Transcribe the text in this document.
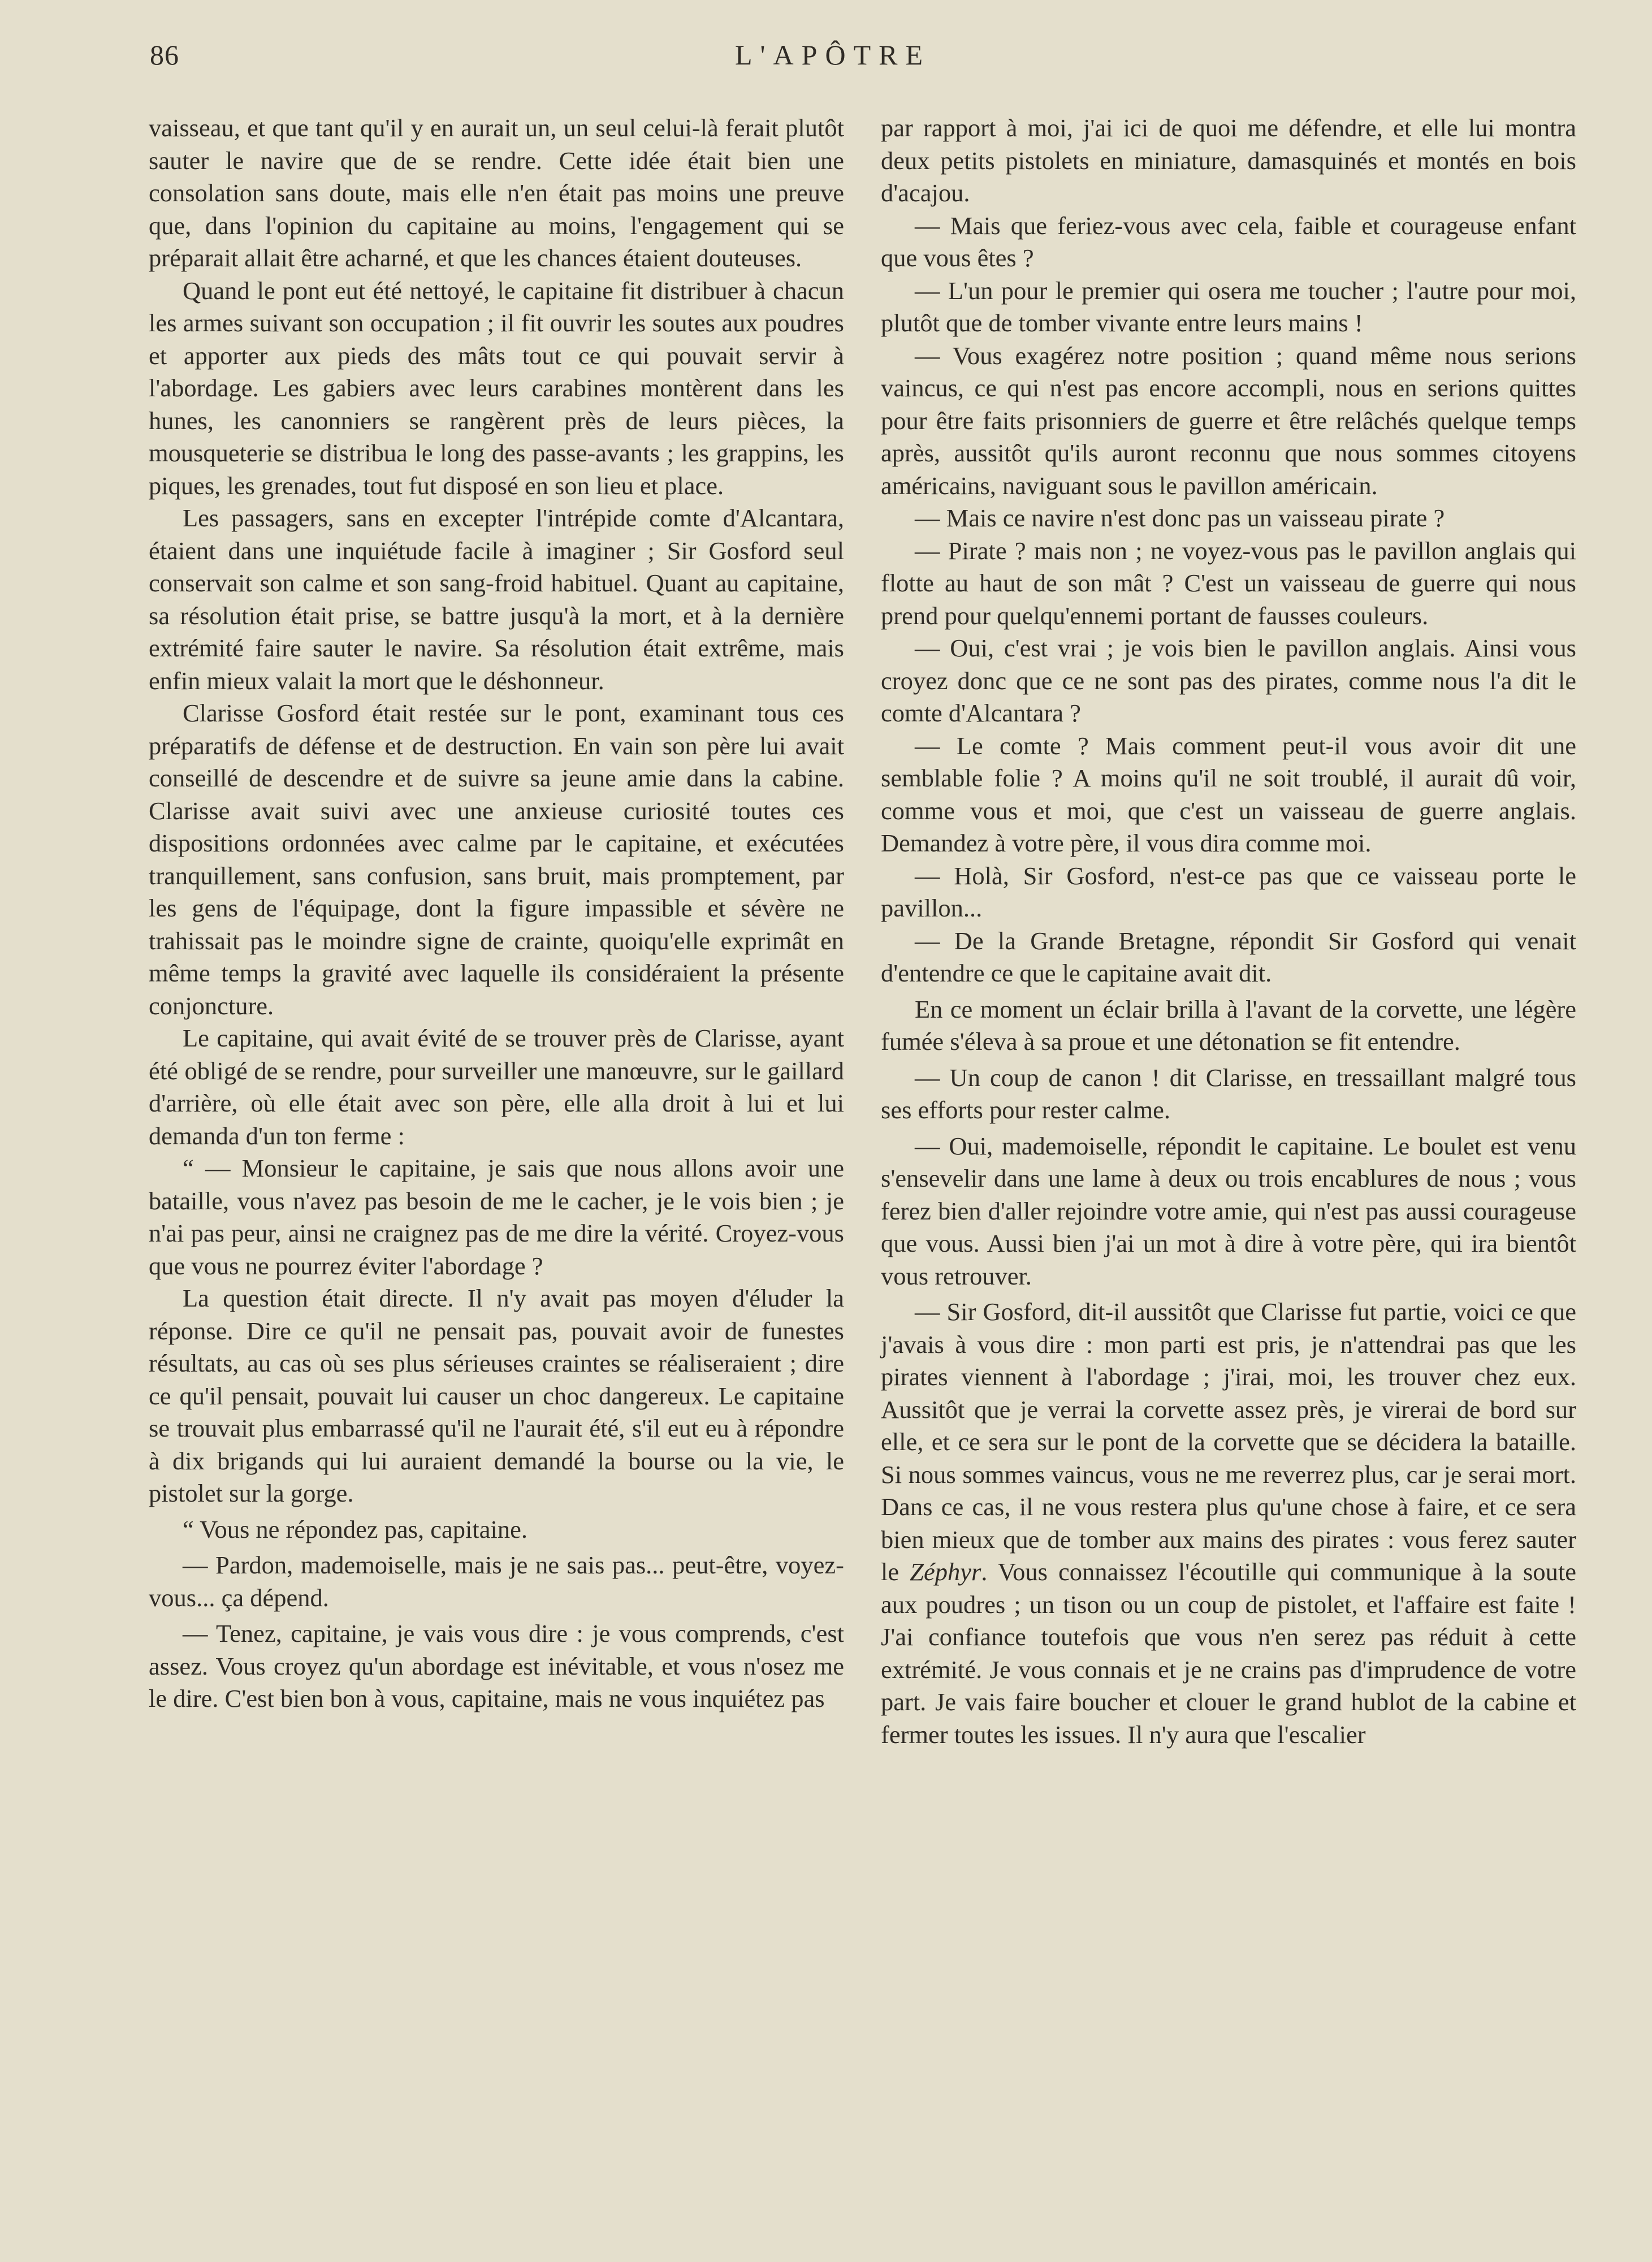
86	L'APÔTRE

vaisseau, et que tant qu'il y en aurait un, un seul celui-là ferait plutôt sauter le navire que de se rendre. Cette idée était bien une consolation sans doute, mais elle n'en était pas moins une preuve que, dans l'opinion du capitaine au moins, l'engagement qui se préparait allait être acharné, et que les chances étaient douteuses.

Quand le pont eut été nettoyé, le capitaine fit distribuer à chacun les armes suivant son occupation ; il fit ouvrir les soutes aux poudres et apporter aux pieds des mâts tout ce qui pouvait servir à l'abordage. Les gabiers avec leurs carabines montèrent dans les hunes, les canonniers se rangèrent près de leurs pièces, la mousqueterie se distribua le long des passe-avants ; les grappins, les piques, les grenades, tout fut disposé en son lieu et place.

Les passagers, sans en excepter l'intrépide comte d'Alcantara, étaient dans une inquiétude facile à imaginer ; Sir Gosford seul conservait son calme et son sang-froid habituel. Quant au capitaine, sa résolution était prise, se battre jusqu'à la mort, et à la dernière extrémité faire sauter le navire. Sa résolution était extrême, mais enfin mieux valait la mort que le déshonneur.

Clarisse Gosford était restée sur le pont, examinant tous ces préparatifs de défense et de destruction. En vain son père lui avait conseillé de descendre et de suivre sa jeune amie dans la cabine. Clarisse avait suivi avec une anxieuse curiosité toutes ces dispositions ordonnées avec calme par le capitaine, et exécutées tranquillement, sans confusion, sans bruit, mais promptement, par les gens de l'équipage, dont la figure impassible et sévère ne trahissait pas le moindre signe de crainte, quoiqu'elle exprimât en même temps la gravité avec laquelle ils considéraient la présente conjoncture.

Le capitaine, qui avait évité de se trouver près de Clarisse, ayant été obligé de se rendre, pour surveiller une manœuvre, sur le gaillard d'arrière, où elle était avec son père, elle alla droit à lui et lui demanda d'un ton ferme :

“ — Monsieur le capitaine, je sais que nous allons avoir une bataille, vous n'avez pas besoin de me le cacher, je le vois bien ; je n'ai pas peur, ainsi ne craignez pas de me dire la vérité. Croyez-vous que vous ne pourrez éviter l'abordage ?

La question était directe. Il n'y avait pas moyen d'éluder la réponse. Dire ce qu'il ne pensait pas, pouvait avoir de funestes résultats, au cas où ses plus sérieuses craintes se réaliseraient ; dire ce qu'il pensait, pouvait lui causer un choc dangereux. Le capitaine se trouvait plus embarrassé qu'il ne l'aurait été, s'il eut eu à répondre à dix brigands qui lui auraient demandé la bourse ou la vie, le pistolet sur la gorge.

“ Vous ne répondez pas, capitaine.

— Pardon, mademoiselle, mais je ne sais pas... peut-être, voyez-vous... ça dépend.

— Tenez, capitaine, je vais vous dire : je vous comprends, c'est assez. Vous croyez qu'un abordage est inévitable, et vous n'osez me le dire. C'est bien bon à vous, capitaine, mais ne vous inquiétez pas

par rapport à moi, j'ai ici de quoi me défendre, et elle lui montra deux petits pistolets en miniature, damasquinés et montés en bois d'acajou.

— Mais que feriez-vous avec cela, faible et courageuse enfant que vous êtes ?

— L'un pour le premier qui osera me toucher ; l'autre pour moi, plutôt que de tomber vivante entre leurs mains !

— Vous exagérez notre position ; quand même nous serions vaincus, ce qui n'est pas encore accompli, nous en serions quittes pour être faits prisonniers de guerre et être relâchés quelque temps après, aussitôt qu'ils auront reconnu que nous sommes citoyens américains, naviguant sous le pavillon américain.

— Mais ce navire n'est donc pas un vaisseau pirate ?

— Pirate ? mais non ; ne voyez-vous pas le pavillon anglais qui flotte au haut de son mât ? C'est un vaisseau de guerre qui nous prend pour quelqu'ennemi portant de fausses couleurs.

— Oui, c'est vrai ; je vois bien le pavillon anglais. Ainsi vous croyez donc que ce ne sont pas des pirates, comme nous l'a dit le comte d'Alcantara ?

— Le comte ? Mais comment peut-il vous avoir dit une semblable folie ? A moins qu'il ne soit troublé, il aurait dû voir, comme vous et moi, que c'est un vaisseau de guerre anglais. Demandez à votre père, il vous dira comme moi.

— Holà, Sir Gosford, n'est-ce pas que ce vaisseau porte le pavillon...

— De la Grande Bretagne, répondit Sir Gosford qui venait d'entendre ce que le capitaine avait dit.

En ce moment un éclair brilla à l'avant de la corvette, une légère fumée s'éleva à sa proue et une détonation se fit entendre.

— Un coup de canon ! dit Clarisse, en tressaillant malgré tous ses efforts pour rester calme.

— Oui, mademoiselle, répondit le capitaine. Le boulet est venu s'ensevelir dans une lame à deux ou trois encablures de nous ; vous ferez bien d'aller rejoindre votre amie, qui n'est pas aussi courageuse que vous. Aussi bien j'ai un mot à dire à votre père, qui ira bientôt vous retrouver.

— Sir Gosford, dit-il aussitôt que Clarisse fut partie, voici ce que j'avais à vous dire : mon parti est pris, je n'attendrai pas que les pirates viennent à l'abordage ; j'irai, moi, les trouver chez eux. Aussitôt que je verrai la corvette assez près, je virerai de bord sur elle, et ce sera sur le pont de la corvette que se décidera la bataille. Si nous sommes vaincus, vous ne me reverrez plus, car je serai mort. Dans ce cas, il ne vous restera plus qu'une chose à faire, et ce sera bien mieux que de tomber aux mains des pirates : vous ferez sauter le Zéphyr. Vous connaissez l'écoutille qui communique à la soute aux poudres ; un tison ou un coup de pistolet, et l'affaire est faite ! J'ai confiance toutefois que vous n'en serez pas réduit à cette extrémité. Je vous connais et je ne crains pas d'imprudence de votre part. Je vais faire boucher et clouer le grand hublot de la cabine et fermer toutes les issues. Il n'y aura que l'escalier
